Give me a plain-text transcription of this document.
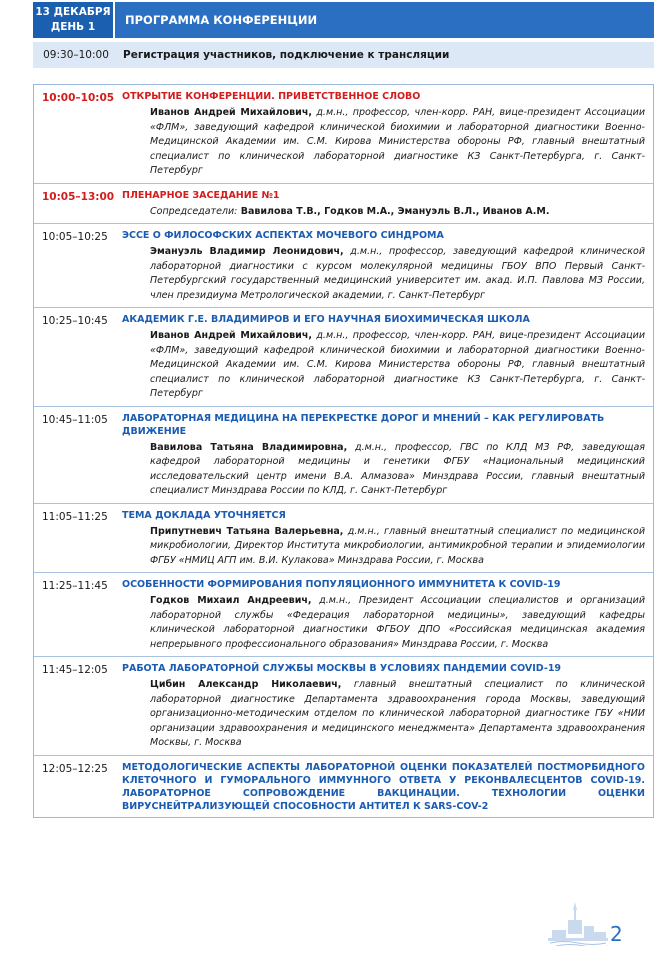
13 ДЕКАБРЯ
ДЕНЬ 1	ПРОГРАММА КОНФЕРЕНЦИИ
09:30–10:00	Регистрация участников, подключение к трансляции
10:00–10:05 ОТКРЫТИЕ КОНФЕРЕНЦИИ. ПРИВЕТСТВЕННОЕ СЛОВО
Иванов Андрей Михайлович, д.м.н., профессор, член-корр. РАН, вице-президент Ассоциации «ФЛМ», заведующий кафедрой клинической биохимии и лабораторной диагностики Военно-Медицинской Академии им. С.М. Кирова Министерства обороны РФ, главный внештатный специалист по клинической лабораторной диагностике КЗ Санкт-Петербурга, г. Санкт-Петербург
10:05–13:00 ПЛЕНАРНОЕ ЗАСЕДАНИЕ №1
Сопредседатели: Вавилова Т.В., Годков М.А., Эмануэль В.Л., Иванов А.М.
10:05–10:25	ЭССЕ О ФИЛОСОФСКИХ АСПЕКТАХ МОЧЕВОГО СИНДРОМА
Эмануэль Владимир Леонидович, д.м.н., профессор, заведующий кафедрой клинической лабораторной диагностики с курсом молекулярной медицины ГБОУ ВПО Первый Санкт-Петербургский государственный медицинский университет им. акад. И.П. Павлова МЗ России, член президиума Метрологической академии, г. Санкт-Петербург
10:25–10:45	АКАДЕМИК Г.Е. ВЛАДИМИРОВ И ЕГО НАУЧНАЯ БИОХИМИЧЕСКАЯ ШКОЛА
Иванов Андрей Михайлович, д.м.н., профессор, член-корр. РАН, вице-президент Ассоциации «ФЛМ», заведующий кафедрой клинической биохимии и лабораторной диагностики Военно-Медицинской Академии им. С.М. Кирова Министерства обороны РФ, главный внештатный специалист по клинической лабораторной диагностике КЗ Санкт-Петербурга, г. Санкт-Петербург
10:45–11:05	ЛАБОРАТОРНАЯ МЕДИЦИНА НА ПЕРЕКРЕСТКЕ ДОРОГ И МНЕНИЙ – КАК РЕГУЛИРОВАТЬ ДВИЖЕНИЕ
Вавилова Татьяна Владимировна, д.м.н., профессор, ГВС по КЛД МЗ РФ, заведующая кафедрой лабораторной медицины и генетики ФГБУ «Национальный медицинский исследовательский центр имени В.А. Алмазова» Минздрава России, главный внештатный специалист Минздрава России по КЛД, г. Санкт-Петербург
11:05–11:25	ТЕМА ДОКЛАДА УТОЧНЯЕТСЯ
Припутневич Татьяна Валерьевна, д.м.н., главный внештатный специалист по медицинской микробиологии, Директор Института микробиологии, антимикробной терапии и эпидемиологии ФГБУ «НМИЦ АГП им. В.И. Кулакова» Минздрава России, г. Москва
11:25–11:45	ОСОБЕННОСТИ ФОРМИРОВАНИЯ ПОПУЛЯЦИОННОГО ИММУНИТЕТА К COVID-19
Годков Михаил Андреевич, д.м.н., Президент Ассоциации специалистов и организаций лабораторной службы «Федерация лабораторной медицины», заведующий кафедры клинической лабораторной диагностики ФГБОУ ДПО «Российская медицинская академия непрерывного профессионального образования» Минздрава России, г. Москва
11:45–12:05	РАБОТА ЛАБОРАТОРНОЙ СЛУЖБЫ МОСКВЫ В УСЛОВИЯХ ПАНДЕМИИ COVID-19
Цибин Александр Николаевич, главный внештатный специалист по клинической лабораторной диагностике Департамента здравоохранения города Москвы, заведующий организационно-методическим отделом по клинической лабораторной диагностике ГБУ «НИИ организации здравоохранения и медицинского менеджмента» Департамента здравоохранения Москвы, г. Москва
12:05–12:25	МЕТОДОЛОГИЧЕСКИЕ АСПЕКТЫ ЛАБОРАТОРНОЙ ОЦЕНКИ ПОКАЗАТЕЛЕЙ ПОСТМОРБИДНОГО КЛЕТОЧНОГО И ГУМОРАЛЬНОГО ИММУННОГО ОТВЕТА У РЕКОНВАЛЕСЦЕНТОВ COVID-19. ЛАБОРАТОРНОЕ СОПРОВОЖДЕНИЕ ВАКЦИНАЦИИ. ТЕХНОЛОГИИ ОЦЕНКИ ВИРУСНЕЙТРАЛИЗУЮЩЕЙ СПОСОБНОСТИ АНТИТЕЛ К SARS-COV-2
2
